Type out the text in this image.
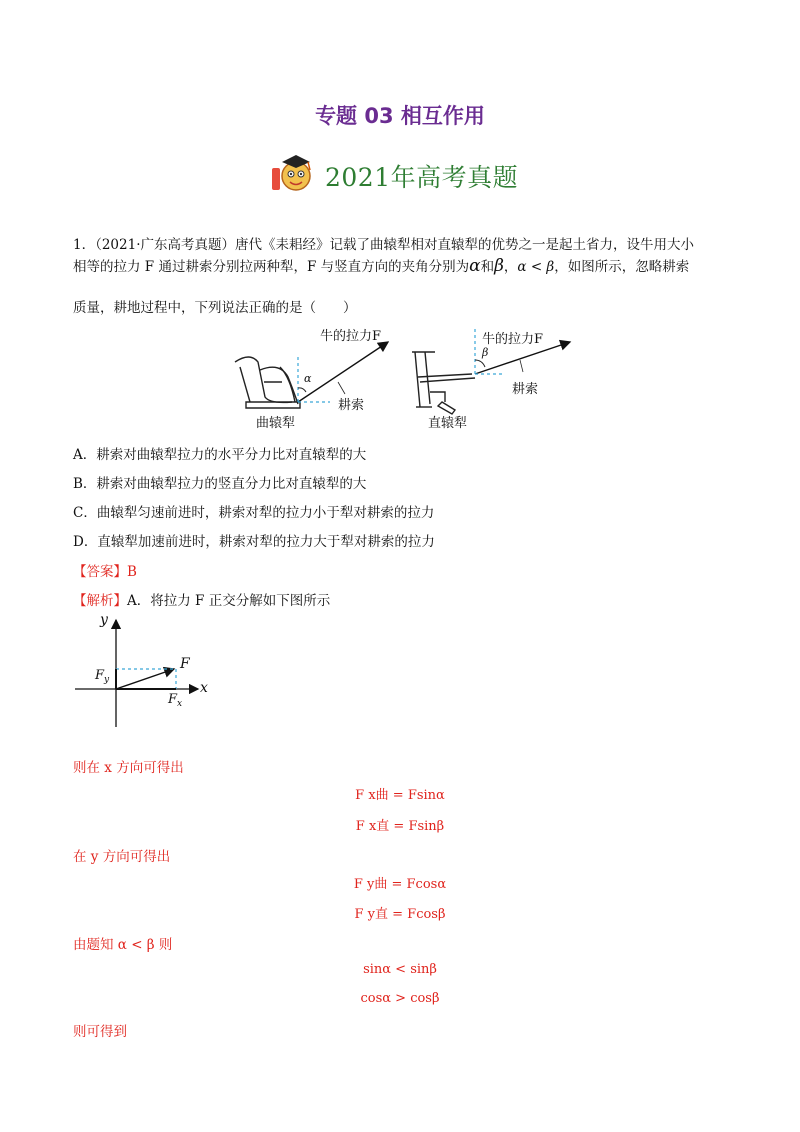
专题 03 相互作用
2021年高考真题
1．（2021·广东高考真题）唐代《耒耜经》记载了曲辕犁相对直辕犁的优势之一是起土省力，设牛用大小
相等的拉力 F 通过耕索分别拉两种犁，F 与竖直方向的夹角分别为α和β，α < β，如图所示，忽略耕索
质量，耕地过程中，下列说法正确的是（　　）
牛的拉力F
α
耕索
曲辕犁
牛的拉力F
β
耕索
直辕犁
A．耕索对曲辕犁拉力的水平分力比对直辕犁的大
B．耕索对曲辕犁拉力的竖直分力比对直辕犁的大
C．曲辕犁匀速前进时，耕索对犁的拉力小于犁对耕索的拉力
D．直辕犁加速前进时，耕索对犁的拉力大于犁对耕索的拉力
【答案】B
【解析】A．将拉力 F 正交分解如下图所示
y
x
F
$F_y$
$F_x$
则在 x 方向可得出
F x曲 = Fsinα
F x直 = Fsinβ
在 y 方向可得出
F y曲 = Fcosα
F y直 = Fcosβ
由题知 α < β 则
sinα < sinβ
cosα > cosβ
则可得到
